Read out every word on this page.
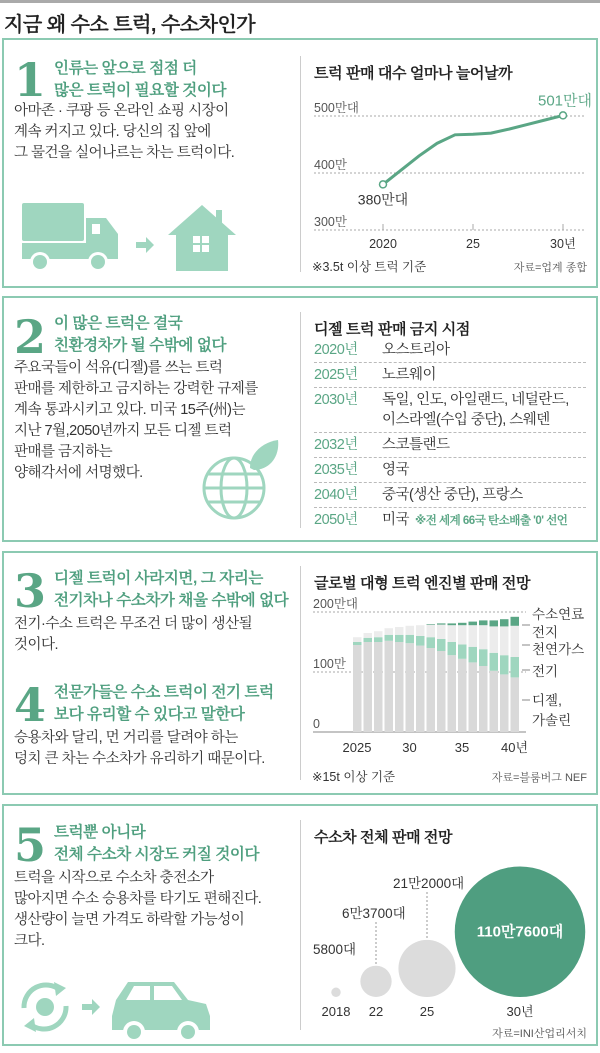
지금 왜 수소 트럭, 수소차인가
1 인류는 앞으로 점점 더
많은 트럭이 필요할 것이다
아마존 · 쿠팡 등 온라인 쇼핑 시장이
계속 커지고 있다. 당신의 집 앞에
그 물건을 실어나르는 차는 트럭이다.
2 이 많은 트럭은 결국
친환경차가 될 수밖에 없다
주요국들이 석유(디젤)를 쓰는 트럭
판매를 제한하고 금지하는 강력한 규제를
계속 통과시키고 있다. 미국 15주(州)는
지난 7월,2050년까지 모든 디젤 트럭
판매를 금지하는
양해각서에 서명했다.
3 디젤 트럭이 사라지면, 그 자리는
전기차나 수소차가 채울 수밖에 없다
전기·수소 트럭은 무조건 더 많이 생산될
것이다.
4 전문가들은 수소 트럭이 전기 트럭
보다 유리할 수 있다고 말한다
승용차와 달리, 먼 거리를 달려야 하는
덩치 큰 차는 수소차가 유리하기 때문이다.
5 트럭뿐 아니라
전체 수소차 시장도 커질 것이다
트럭을 시작으로 수소차 충전소가
많아지면 수소 승용차를 타기도 편해진다.
생산량이 늘면 가격도 하락할 가능성이
크다.
트럭 판매 대수 얼마나 늘어날까
디젤 트럭 판매 금지 시점
글로벌 대형 트럭 엔진별 판매 전망
수소차 전체 판매 전망
2020년 오스트리아
2025년 노르웨이
2030년 독일, 인도, 아일랜드, 네덜란드,
이스라엘(수입 중단), 스웨덴
2032년 스코틀랜드
2035년 영국
2040년 중국(생산 중단), 프랑스
2050년 미국 ※전 세계 66국 탄소배출 '0' 선언
500만대
400만
300만
2020	25	30년
380만대
501만대
※3.5t 이상 트럭 기준	자료=업계 종합
200만대
100만
0
2025 30	35 40년
디젤,
가솔린
전기
천연가스
수소연료
전지
※15t 이상 기준	자료=블룸버그 NEF
2018
5800대
22
6만3700대
25
21만2000대
30년
110만7600대
자료=INI산업리서치
